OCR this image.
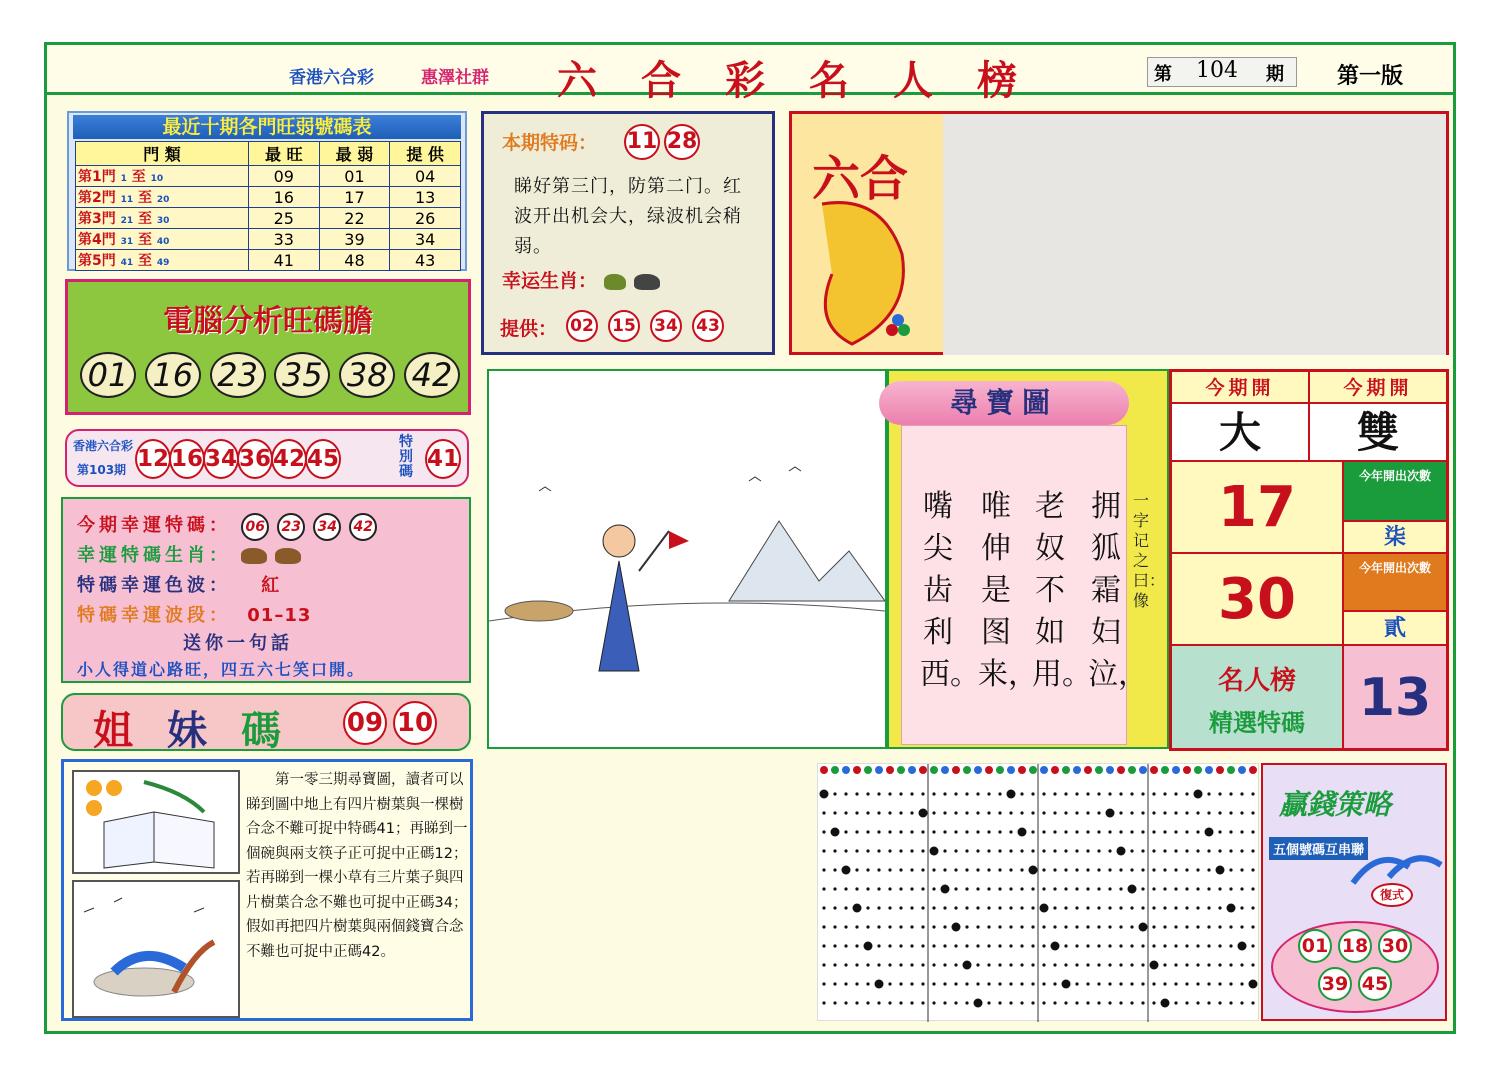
香港六合彩	惠澤社群 六合彩名人榜	第 104 期 第一版
最近十期各門旺弱號碼表
門 類	最 旺	最 弱	提 供
第1門 1 至 10	09	01	04
第2門 11 至 20	16	17	13
第3門 21 至 30	25	22	26
第4門 31 至 40	33	39	34
第5門 41 至 49	41	48	43
電腦分析旺碼膽
01 16 23 35 38 42
香港六合彩
第103期 12 16 34 36 42 45
特別碼 41
今期幸運特碼： 06 23 34 42
幸運特碼生肖：
特碼幸運色波： 紅
特碼幸運波段： 01–13
送你一句話
小人得道心路旺，四五六七笑口開。
姐妹碼 09 10
第一零三期尋寶圖，讀者可以睇到圖中地上有四片樹葉與一棵樹合念不難可捉中特碼41；再睇到一個碗與兩支筷子正可捉中正碼12；若再睇到一棵小草有三片葉子與四片樹葉合念不難也可捉中正碼34；假如再把四片樹葉與兩個錢寶合念不難也可捉中正碼42。
本期特码： 11 28
睇好第三门，防第二门。红波开出机会大，绿波机会稍弱。
幸运生肖：
提供： 02 15 34 43
六合
拥狐霜妇泣，
老奴不如用。
唯伸是图来，
嘴尖齿利西。
尋寶圖
一字记之曰：像
今期開	今期開
大	雙
17	今年開出次數
柒
30	今年開出次數
貳
名人榜
精選特碼	13
贏錢策略
五個號碼互串聯
復式
01 18 30
39 45
